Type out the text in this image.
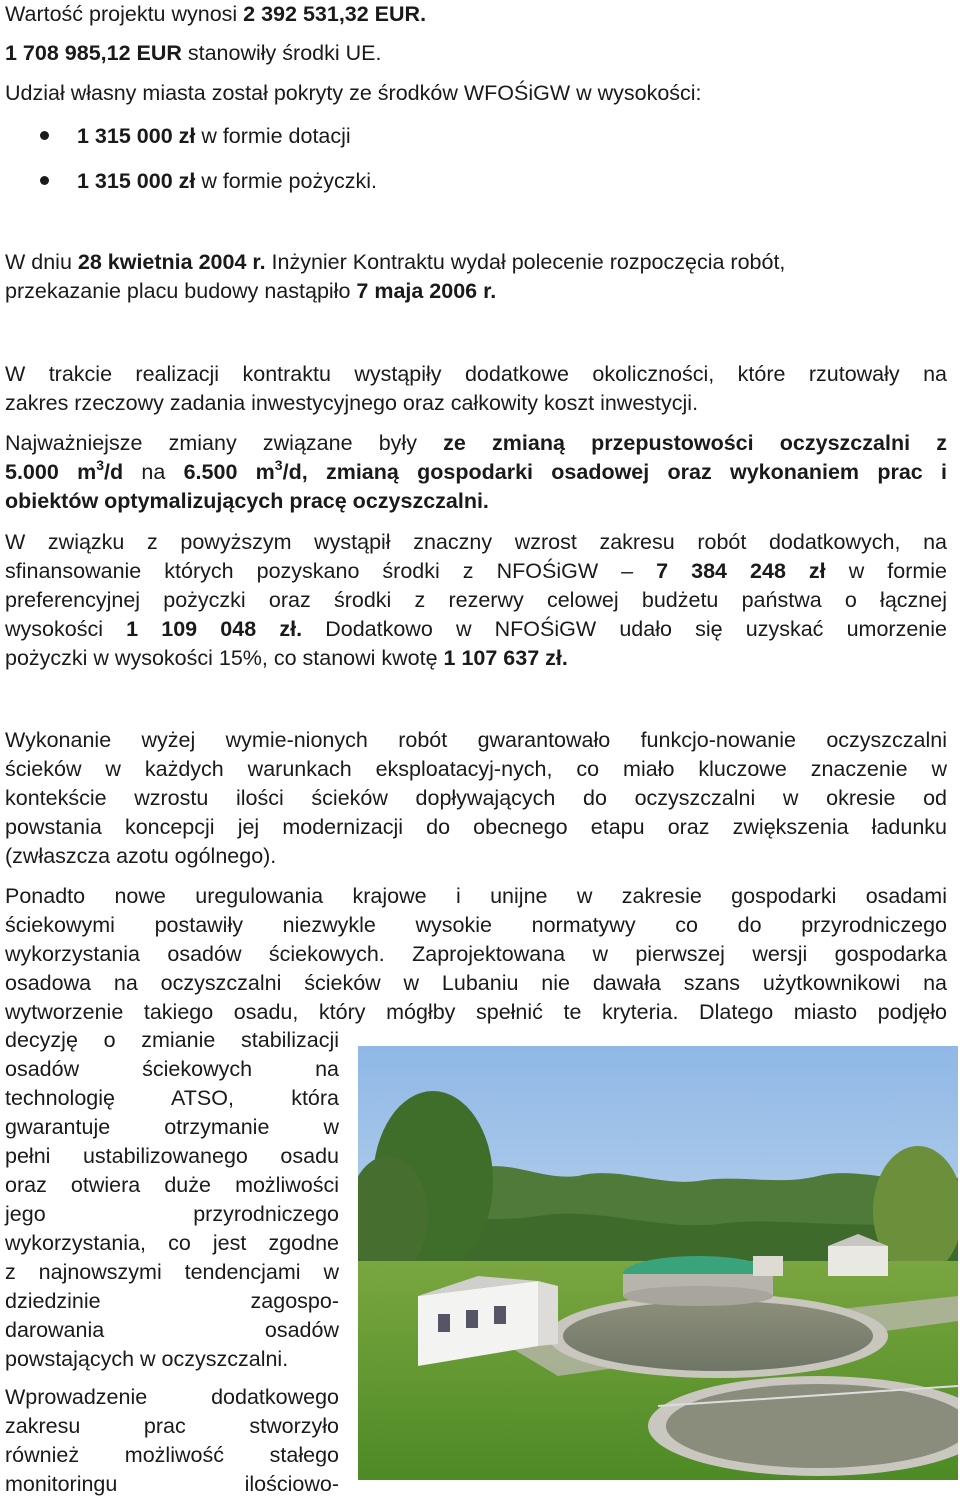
Wartość projektu wynosi 2 392 531,32 EUR.

1 708 985,12 EUR stanowiły środki UE.

Udział własny miasta został pokryty ze środków WFOŚiGW w wysokości:

1 315 000 zł w formie dotacji
1 315 000 zł w formie pożyczki.
W dniu 28 kwietnia 2004 r. Inżynier Kontraktu wydał polecenie rozpoczęcia robót,
przekazanie placu budowy nastąpiło 7 maja 2006 r.
W trakcie realizacji kontraktu wystąpiły dodatkowe okoliczności, które rzutowały na
zakres rzeczowy zadania inwestycyjnego oraz całkowity koszt inwestycji.
Najważniejsze zmiany związane były ze zmianą przepustowości oczyszczalni z
5.000 $m^3/d$ na 6.500 $m^3/d$, zmianą gospodarki osadowej oraz wykonaniem prac i
obiektów optymalizujących pracę oczyszczalni.
W związku z powyższym wystąpił znaczny wzrost zakresu robót dodatkowych, na
sfinansowanie których pozyskano środki z NFOŚiGW – 7 384 248 zł w formie
preferencyjnej pożyczki oraz środki z rezerwy celowej budżetu państwa o łącznej
wysokości 1 109 048 zł. Dodatkowo w NFOŚiGW udało się uzyskać umorzenie
pożyczki w wysokości 15%, co stanowi kwotę 1 107 637 zł.
Wykonanie wyżej wymie-nionych robót gwarantowało funkcjo-nowanie oczyszczalni
ścieków w każdych warunkach eksploatacyj-nych, co miało kluczowe znaczenie w
kontekście wzrostu ilości ścieków dopływających do oczyszczalni w okresie od
powstania koncepcji jej modernizacji do obecnego etapu oraz zwiększenia ładunku
(zwłaszcza azotu ogólnego).
Ponadto nowe uregulowania krajowe i unijne w zakresie gospodarki osadami
ściekowymi postawiły niezwykle wysokie normatywy co do przyrodniczego
wykorzystania osadów ściekowych. Zaprojektowana w pierwszej wersji gospodarka
osadowa na oczyszczalni ścieków w Lubaniu nie dawała szans użytkownikowi na
wytworzenie takiego osadu, który mógłby spełnić te kryteria. Dlatego miasto podjęło
decyzję o zmianie stabilizacji
osadów ściekowych na
technologię ATSO, która
gwarantuje otrzymanie w
pełni ustabilizowanego osadu
oraz otwiera duże możliwości
jego przyrodniczego
wykorzystania, co jest zgodne
z najnowszymi tendencjami w
dziedzinie zagospo-
darowania osadów
powstających w oczyszczalni.
Wprowadzenie dodatkowego
zakresu prac stworzyło
również możliwość stałego
monitoringu ilościowo-
